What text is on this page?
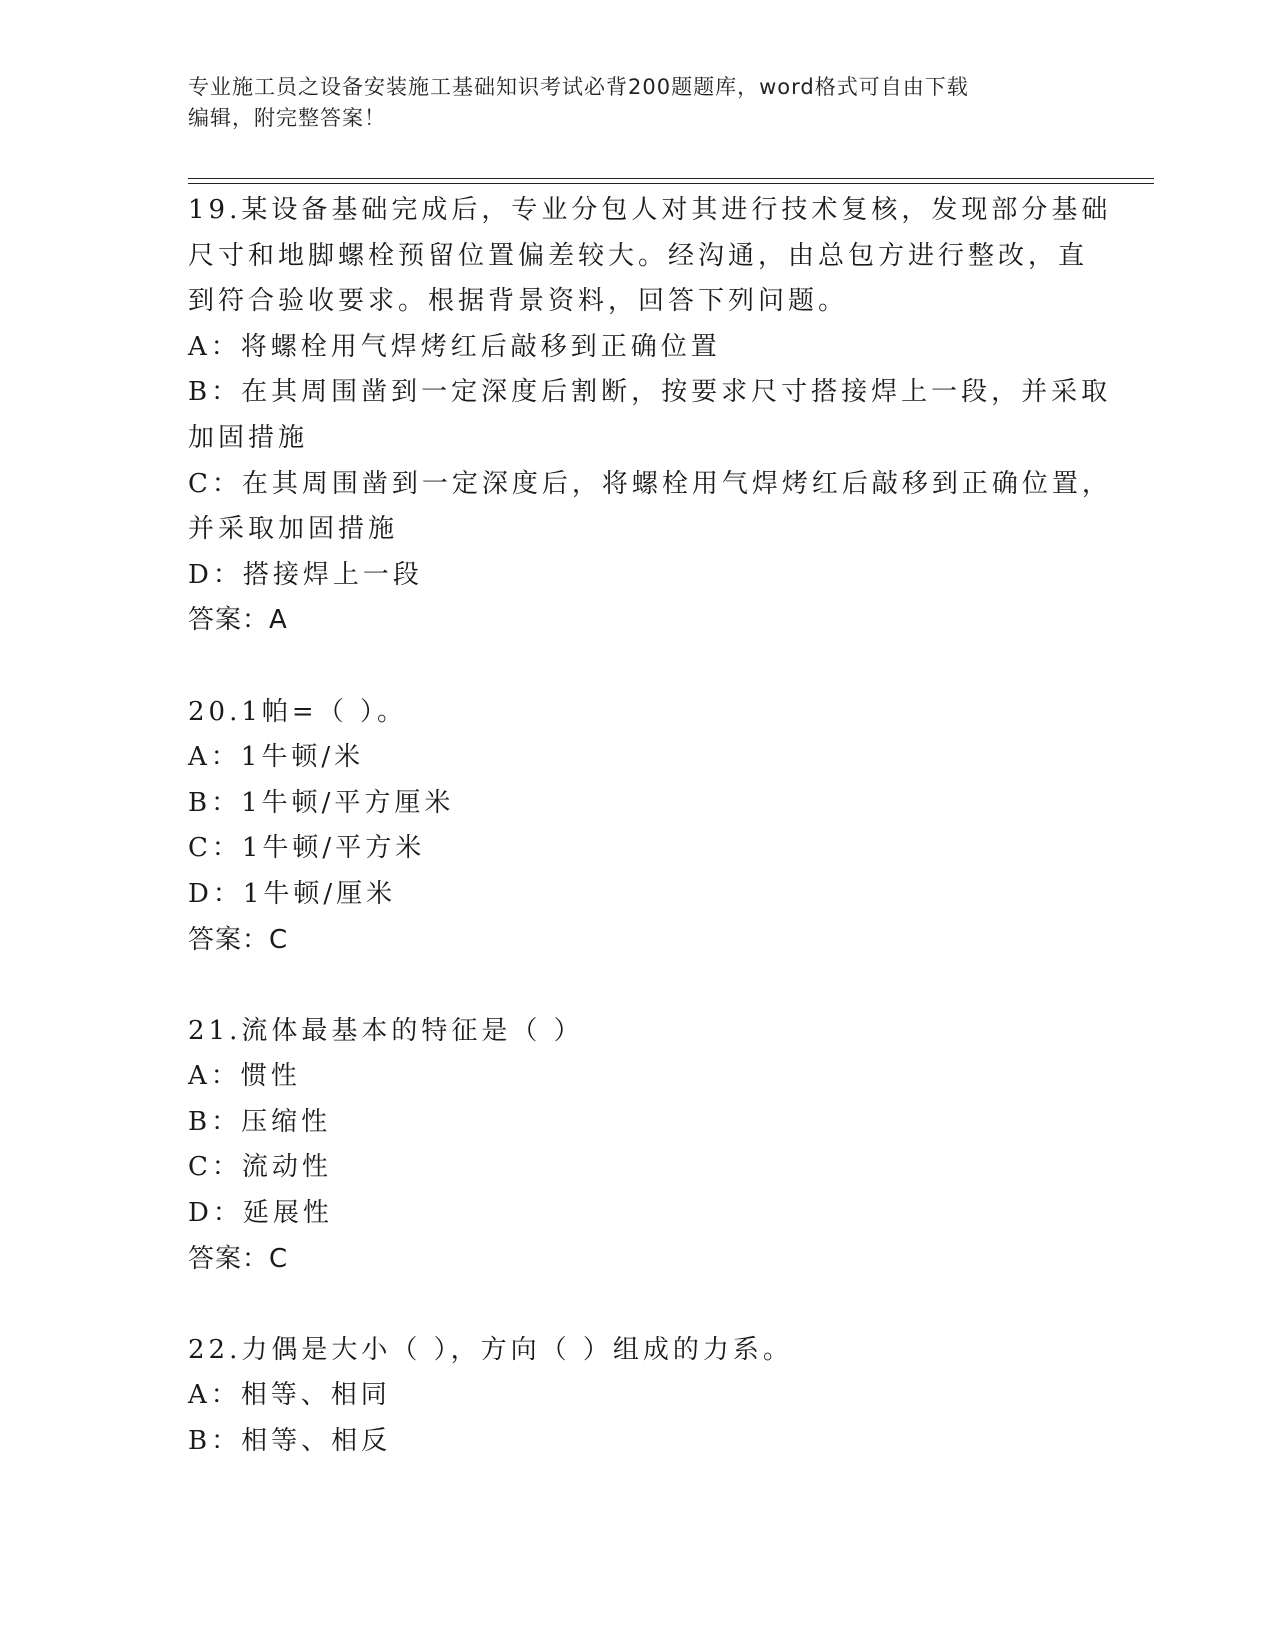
专业施工员之设备安装施工基础知识考试必背200题题库，word格式可自由下载
编辑，附完整答案！
19.某设备基础完成后，专业分包人对其进行技术复核，发现部分基础
尺寸和地脚螺栓预留位置偏差较大。经沟通，由总包方进行整改，直
到符合验收要求。根据背景资料，回答下列问题。
A：将螺栓用气焊烤红后敲移到正确位置
B：在其周围凿到一定深度后割断，按要求尺寸搭接焊上一段，并采取
加固措施
C：在其周围凿到一定深度后，将螺栓用气焊烤红后敲移到正确位置，
并采取加固措施
D：搭接焊上一段
答案：A
20.1帕=（ ）。
A：1牛顿/米
B：1牛顿/平方厘米
C：1牛顿/平方米
D：1牛顿/厘米
答案：C
21.流体最基本的特征是（ ）
A：惯性
B：压缩性
C：流动性
D：延展性
答案：C
22.力偶是大小（ ），方向（ ）组成的力系。
A：相等、相同
B：相等、相反
